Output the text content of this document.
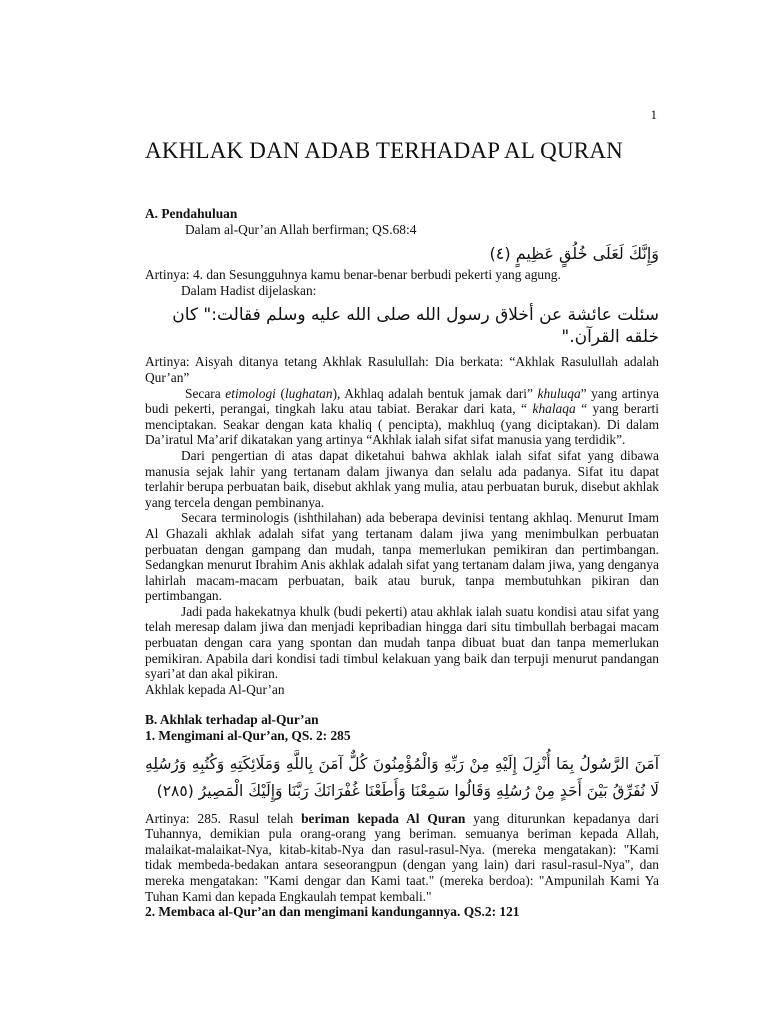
1
AKHLAK DAN ADAB TERHADAP AL QURAN

A. Pendahuluan

Dalam al-Qur’an Allah berfirman; QS.68:4

وَإِنَّكَ لَعَلَى خُلُقٍ عَظِيمٍ (٤)

Artinya: 4. dan Sesungguhnya kamu benar-benar berbudi pekerti yang agung.

Dalam Hadist dijelaskan:

سئلت عائشة عن أخلاق رسول الله صلى الله عليه وسلم فقالت:" كان خلقه القرآن."

Artinya: Aisyah ditanya tetang Akhlak Rasulullah: Dia berkata: “Akhlak Rasulullah adalah Qur’an”

Secara etimologi (lughatan), Akhlaq adalah bentuk jamak dari” khuluqa” yang artinya budi pekerti, perangai, tingkah laku atau tabiat. Berakar dari kata, “ khalaqa “ yang berarti menciptakan. Seakar dengan kata khaliq ( pencipta), makhluq (yang diciptakan). Di dalam Da’iratul Ma’arif dikatakan yang artinya “Akhlak ialah sifat sifat manusia yang terdidik”.

Dari pengertian di atas dapat diketahui bahwa akhlak ialah sifat sifat yang dibawa manusia sejak lahir yang tertanam dalam jiwanya dan selalu ada padanya. Sifat itu dapat terlahir berupa perbuatan baik, disebut akhlak yang mulia, atau perbuatan buruk, disebut akhlak yang tercela dengan pembinanya.

Secara terminologis (ishthilahan) ada beberapa devinisi tentang akhlaq. Menurut Imam Al Ghazali akhlak adalah sifat yang tertanam dalam jiwa yang menimbulkan perbuatan perbuatan dengan gampang dan mudah, tanpa memerlukan pemikiran dan pertimbangan. Sedangkan menurut Ibrahim Anis akhlak adalah sifat yang tertanam dalam jiwa, yang denganya lahirlah macam-macam perbuatan, baik atau buruk, tanpa membutuhkan pikiran dan pertimbangan.

Jadi pada hakekatnya khulk (budi pekerti) atau akhlak ialah suatu kondisi atau sifat yang telah meresap dalam jiwa dan menjadi kepribadian hingga dari situ timbullah berbagai macam perbuatan dengan cara yang spontan dan mudah tanpa dibuat buat dan tanpa memerlukan pemikiran. Apabila dari kondisi tadi timbul kelakuan yang baik dan terpuji menurut pandangan syari’at dan akal pikiran.

Akhlak kepada Al-Qur’an

B. Akhlak terhadap al-Qur’an

1. Mengimani al-Qur’an, QS. 2: 285

آمَنَ الرَّسُولُ بِمَا أُنْزِلَ إِلَيْهِ مِنْ رَبِّهِ وَالْمُؤْمِنُونَ كُلٌّ آمَنَ بِاللَّهِ وَمَلَائِكَتِهِ وَكُتُبِهِ وَرُسُلِهِ لَا نُفَرِّقُ بَيْنَ أَحَدٍ مِنْ رُسُلِهِ وَقَالُوا سَمِعْنَا وَأَطَعْنَا غُفْرَانَكَ رَبَّنَا وَإِلَيْكَ الْمَصِيرُ (٢٨٥)

Artinya: 285. Rasul telah beriman kepada Al Quran yang diturunkan kepadanya dari Tuhannya, demikian pula orang-orang yang beriman. semuanya beriman kepada Allah, malaikat-malaikat-Nya, kitab-kitab-Nya dan rasul-rasul-Nya. (mereka mengatakan): "Kami tidak membeda-bedakan antara seseorangpun (dengan yang lain) dari rasul-rasul-Nya", dan mereka mengatakan: "Kami dengar dan Kami taat." (mereka berdoa): "Ampunilah Kami Ya Tuhan Kami dan kepada Engkaulah tempat kembali."

2. Membaca al-Qur’an dan mengimani kandungannya. QS.2: 121
